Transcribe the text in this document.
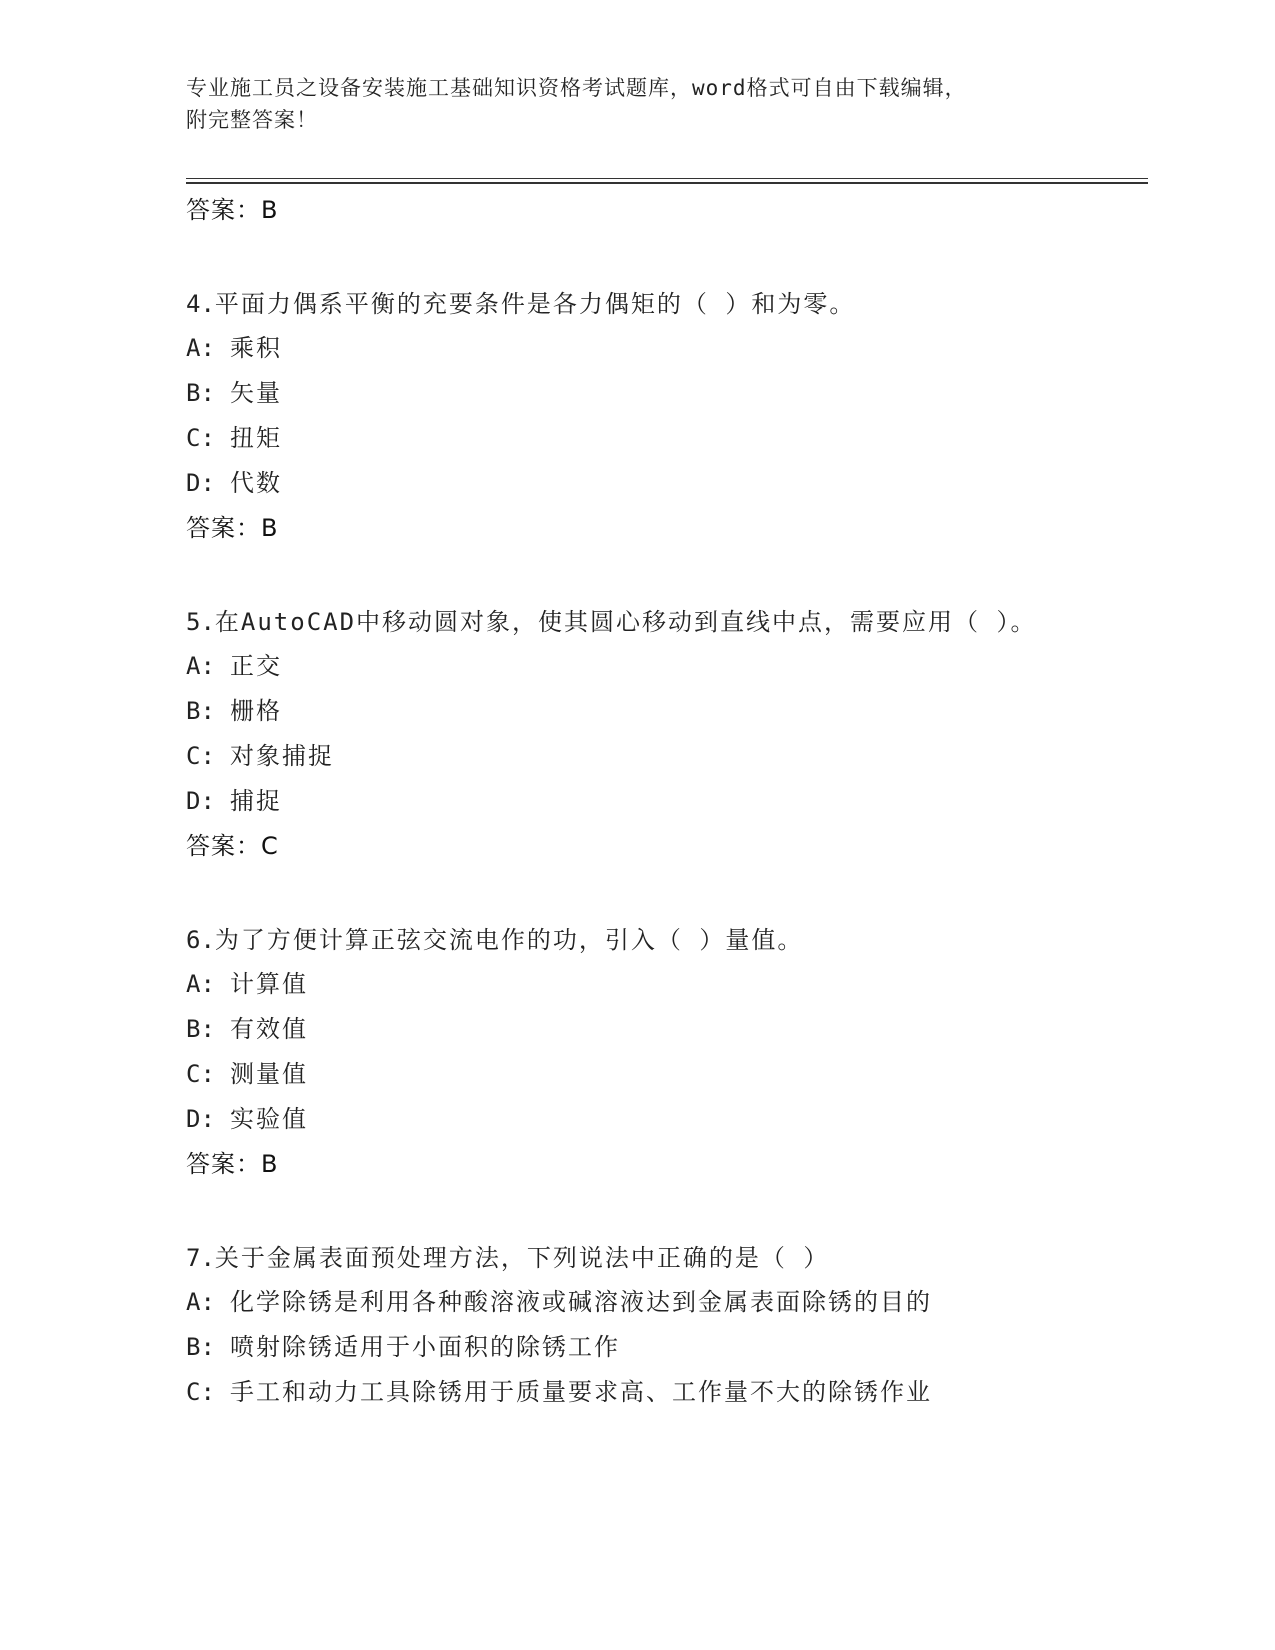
专业施工员之设备安装施工基础知识资格考试题库，word格式可自由下载编辑，
附完整答案！
答案：B
4.平面力偶系平衡的充要条件是各力偶矩的（ ）和为零。
A: 乘积
B: 矢量
C: 扭矩
D: 代数
答案：B
5.在AutoCAD中移动圆对象，使其圆心移动到直线中点，需要应用（ ）。
A: 正交
B: 栅格
C: 对象捕捉
D: 捕捉
答案：C
6.为了方便计算正弦交流电作的功，引入（ ）量值。
A: 计算值
B: 有效值
C: 测量值
D: 实验值
答案：B
7.关于金属表面预处理方法，下列说法中正确的是（ ）
A: 化学除锈是利用各种酸溶液或碱溶液达到金属表面除锈的目的
B: 喷射除锈适用于小面积的除锈工作
C: 手工和动力工具除锈用于质量要求高、工作量不大的除锈作业
